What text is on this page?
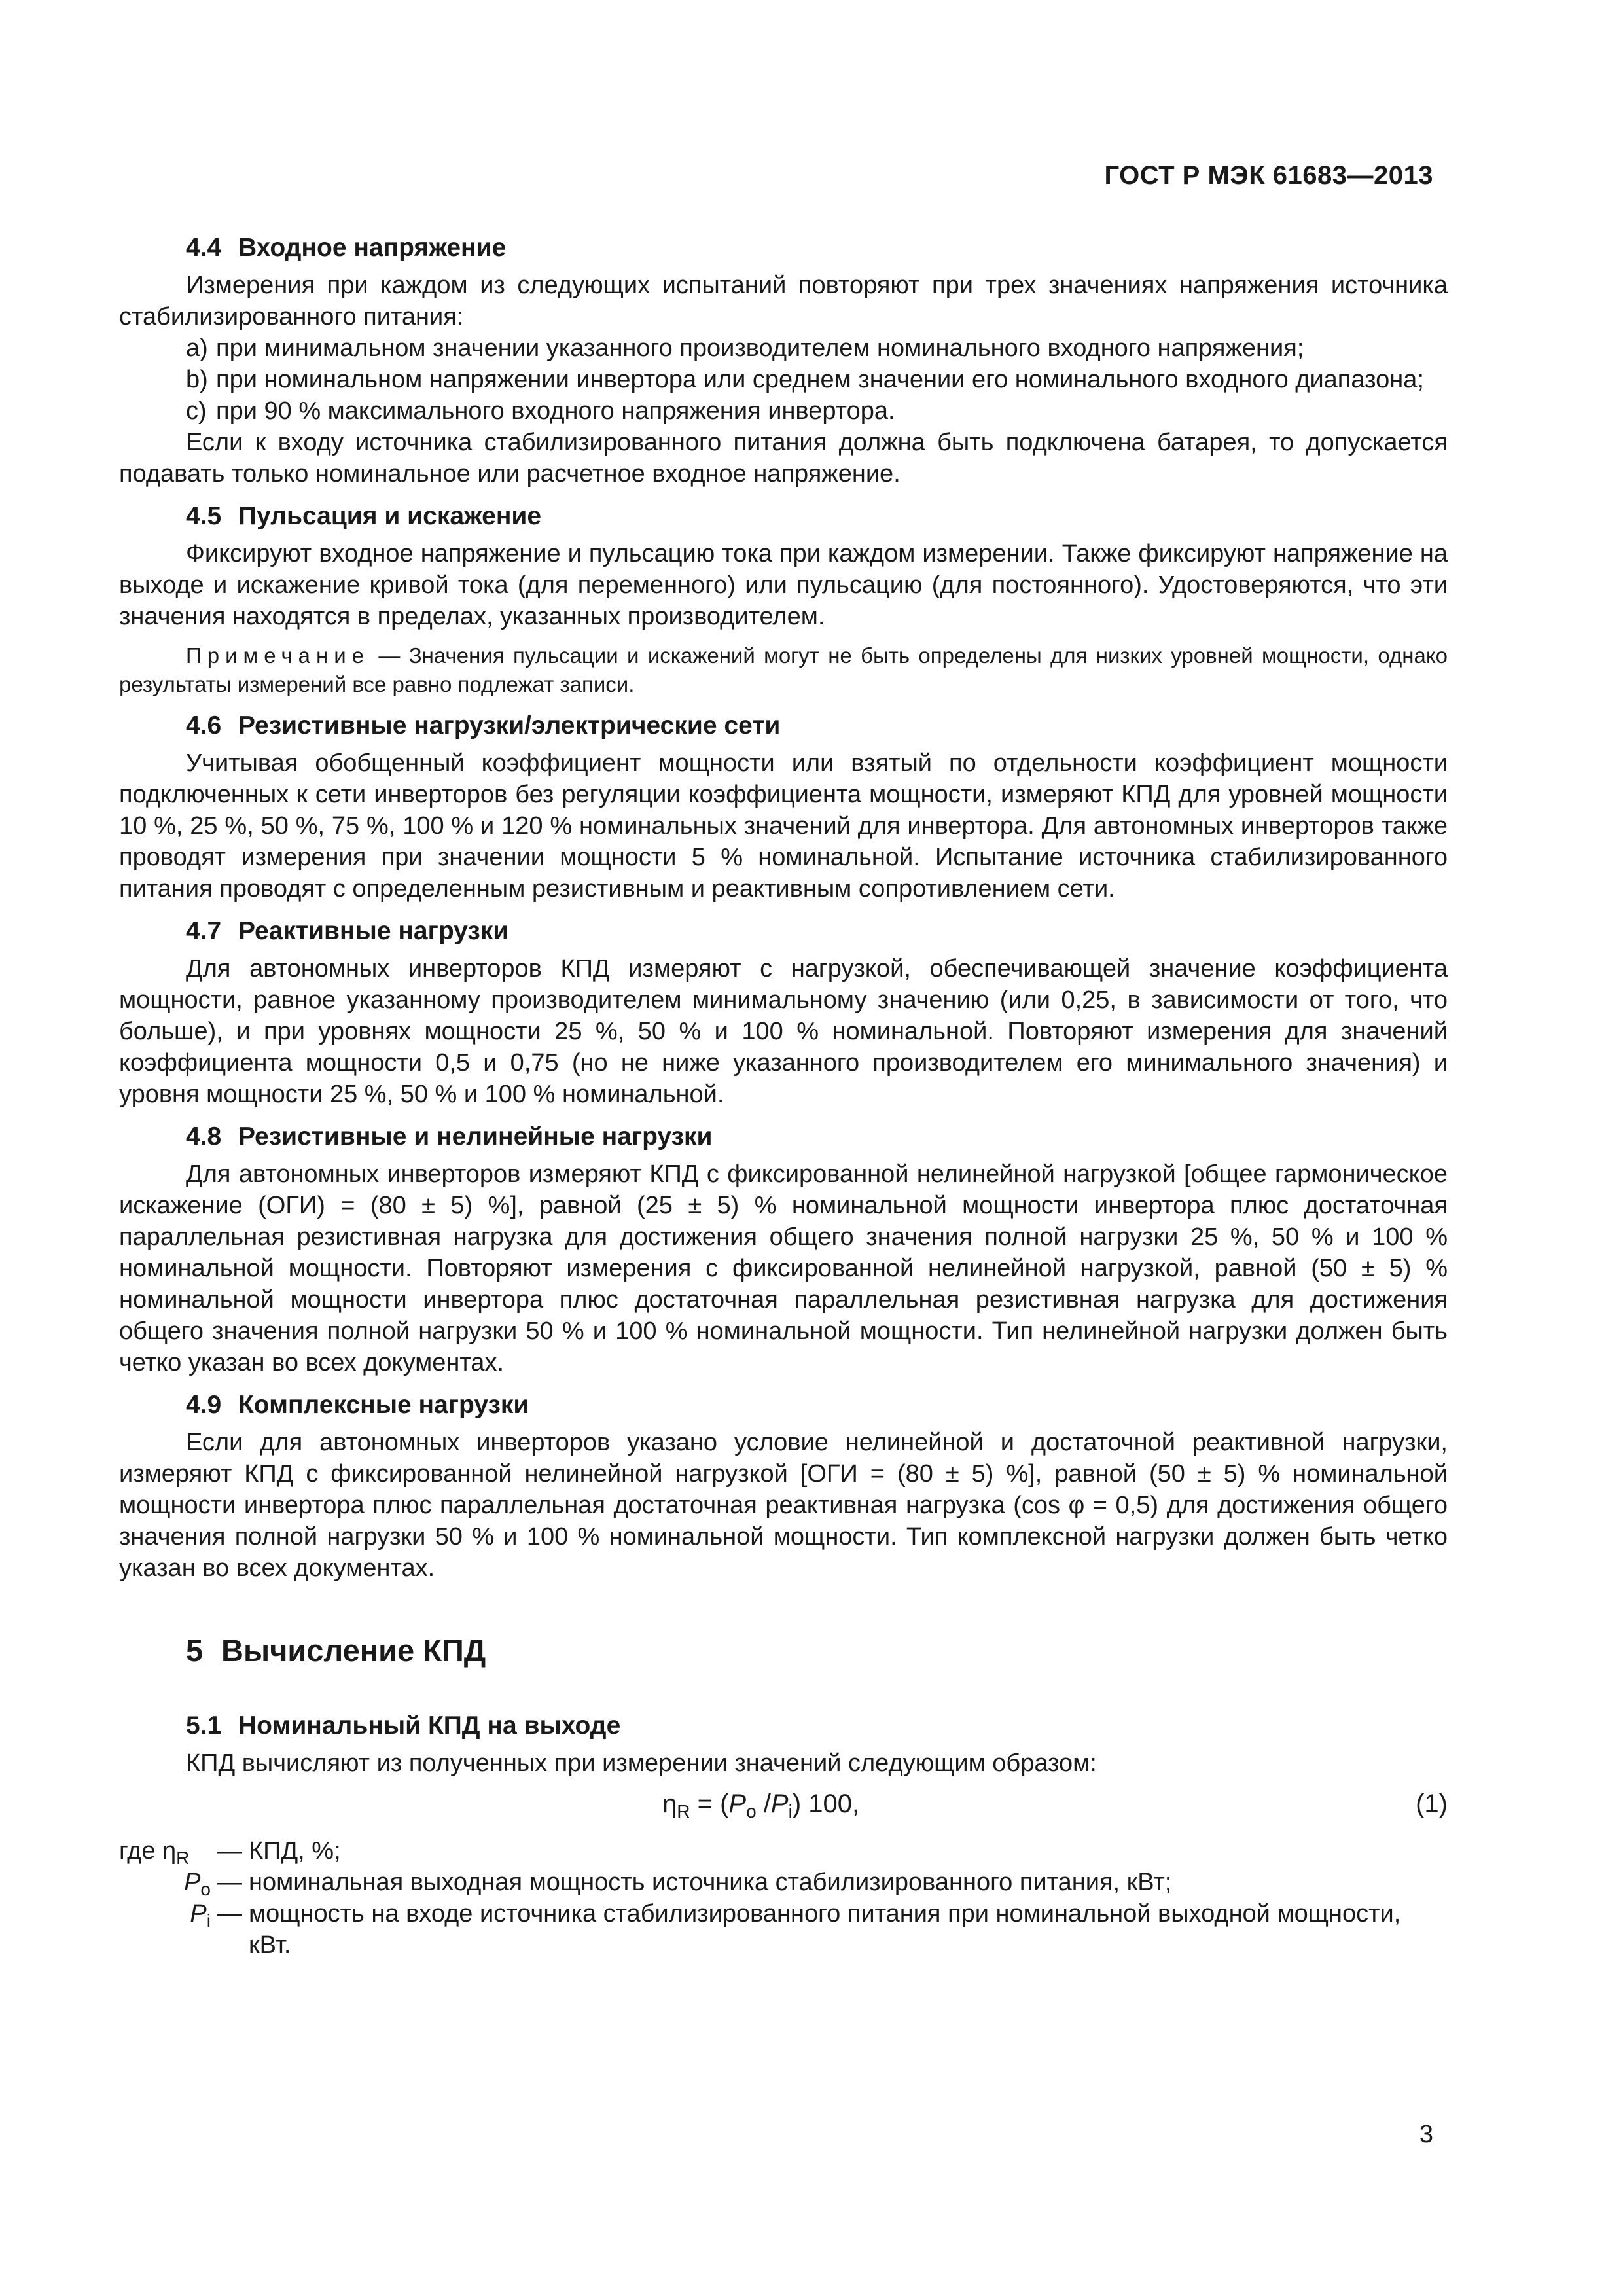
ГОСТ Р МЭК 61683—2013
4.4 Входное напряжение

Измерения при каждом из следующих испытаний повторяют при трех значениях напряжения источника стабилизированного питания:

а) при минимальном значении указанного производителем номинального входного напряжения;

b) при номинальном напряжении инвертора или среднем значении его номинального входного диапазона;

c) при 90 % максимального входного напряжения инвертора.

Если к входу источника стабилизированного питания должна быть подключена батарея, то допускается подавать только номинальное или расчетное входное напряжение.

4.5 Пульсация и искажение

Фиксируют входное напряжение и пульсацию тока при каждом измерении. Также фиксируют напряжение на выходе и искажение кривой тока (для переменного) или пульсацию (для постоянного). Удостоверяются, что эти значения находятся в пределах, указанных производителем.

Примечание — Значения пульсации и искажений могут не быть определены для низких уровней мощности, однако результаты измерений все равно подлежат записи.

4.6 Резистивные нагрузки/электрические сети

Учитывая обобщенный коэффициент мощности или взятый по отдельности коэффициент мощности подключенных к сети инверторов без регуляции коэффициента мощности, измеряют КПД для уровней мощности 10 %, 25 %, 50 %, 75 %, 100 % и 120 % номинальных значений для инвертора. Для автономных инверторов также проводят измерения при значении мощности 5 % номинальной. Испытание источника стабилизированного питания проводят с определенным резистивным и реактивным сопротивлением сети.

4.7 Реактивные нагрузки

Для автономных инверторов КПД измеряют с нагрузкой, обеспечивающей значение коэффициента мощности, равное указанному производителем минимальному значению (или 0,25, в зависимости от того, что больше), и при уровнях мощности 25 %, 50 % и 100 % номинальной. Повторяют измерения для значений коэффициента мощности 0,5 и 0,75 (но не ниже указанного производителем его минимального значения) и уровня мощности 25 %, 50 % и 100 % номинальной.

4.8 Резистивные и нелинейные нагрузки

Для автономных инверторов измеряют КПД с фиксированной нелинейной нагрузкой [общее гармоническое искажение (ОГИ) = (80 ± 5) %], равной (25 ± 5) % номинальной мощности инвертора плюс достаточная параллельная резистивная нагрузка для достижения общего значения полной нагрузки 25 %, 50 % и 100 % номинальной мощности. Повторяют измерения с фиксированной нелинейной нагрузкой, равной (50 ± 5) % номинальной мощности инвертора плюс достаточная параллельная резистивная нагрузка для достижения общего значения полной нагрузки 50 % и 100 % номинальной мощности. Тип нелинейной нагрузки должен быть четко указан во всех документах.

4.9 Комплексные нагрузки

Если для автономных инверторов указано условие нелинейной и достаточной реактивной нагрузки, измеряют КПД с фиксированной нелинейной нагрузкой [ОГИ = (80 ± 5) %], равной (50 ± 5) % номинальной мощности инвертора плюс параллельная достаточная реактивная нагрузка (cos φ = 0,5) для достижения общего значения полной нагрузки 50 % и 100 % номинальной мощности. Тип комплексной нагрузки должен быть четко указан во всех документах.

5 Вычисление КПД
5.1 Номинальный КПД на выходе

КПД вычисляют из полученных при измерении значений следующим образом:

$\eta_R = (P_o$ $/P_i$) 100,	(1)
где $\eta_R$	— КПД, %;
$P_o$ — номинальная выходная мощность источника стабилизированного питания, кВт;
$P_i$ — мощность на входе источника стабилизированного питания при номинальной выходной мощности, кВт.
3
